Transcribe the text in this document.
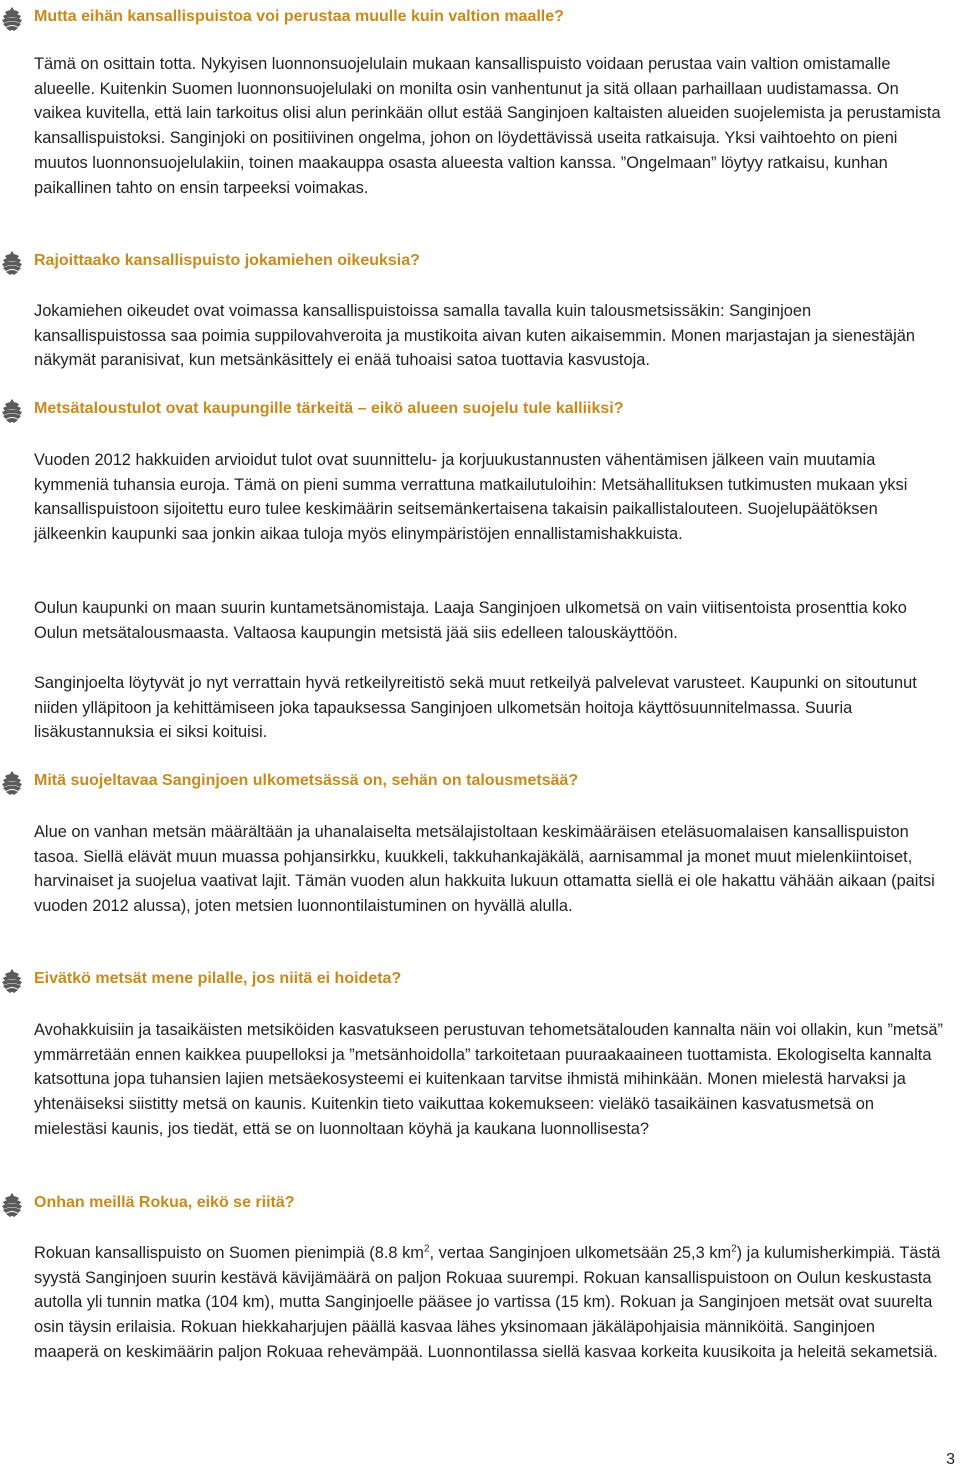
Mutta eihän kansallispuistoa voi perustaa muulle kuin valtion maalle?

Tämä on osittain totta. Nykyisen luonnonsuojelulain mukaan kansallispuisto voidaan perustaa vain valtion omistamalle alueelle. Kuitenkin Suomen luonnonsuojelulaki on monilta osin vanhentunut ja sitä ollaan parhaillaan uudistamassa. On vaikea kuvitella, että lain tarkoitus olisi alun perinkään ollut estää Sanginjoen kaltaisten alueiden suojelemista ja perustamista kansallispuistoksi. Sanginjoki on positiivinen ongelma, johon on löydettävissä useita ratkaisuja. Yksi vaihtoehto on pieni muutos luonnonsuojelulakiin, toinen maakauppa osasta alueesta valtion kanssa. ”Ongelmaan” löytyy ratkaisu, kunhan paikallinen tahto on ensin tarpeeksi voimakas.

Rajoittaako kansallispuisto jokamiehen oikeuksia?

Jokamiehen oikeudet ovat voimassa kansallispuistoissa samalla tavalla kuin talousmetsissäkin: Sanginjoen kansallispuistossa saa poimia suppilovahveroita ja mustikoita aivan kuten aikaisemmin. Monen marjastajan ja sienestäjän näkymät paranisivat, kun metsänkäsittely ei enää tuhoaisi satoa tuottavia kasvustoja.

Metsätaloustulot ovat kaupungille tärkeitä – eikö alueen suojelu tule kalliiksi?

Vuoden 2012 hakkuiden arvioidut tulot ovat suunnittelu- ja korjuukustannusten vähentämisen jälkeen vain muutamia kymmeniä tuhansia euroja. Tämä on pieni summa verrattuna matkailutuloihin: Metsähallituksen tutkimusten mukaan yksi kansallispuistoon sijoitettu euro tulee keskimäärin seitsemänkertaisena takaisin paikallistalouteen. Suojelupäätöksen jälkeenkin kaupunki saa jonkin aikaa tuloja myös elinympäristöjen ennallistamishakkuista.

Oulun kaupunki on maan suurin kuntametsänomistaja. Laaja Sanginjoen ulkometsä on vain viitisentoista prosenttia koko Oulun metsätalousmaasta. Valtaosa kaupungin metsistä jää siis edelleen talouskäyttöön.

Sanginjoelta löytyvät jo nyt verrattain hyvä retkeilyreitistö sekä muut retkeilyä palvelevat varusteet. Kaupunki on sitoutunut niiden ylläpitoon ja kehittämiseen joka tapauksessa Sanginjoen ulkometsän hoitoja käyttösuunnitelmassa. Suuria lisäkustannuksia ei siksi koituisi.

Mitä suojeltavaa Sanginjoen ulkometsässä on, sehän on talousmetsää?

Alue on vanhan metsän määrältään ja uhanalaiselta metsälajistoltaan keskimääräisen eteläsuomalaisen kansallispuiston tasoa. Siellä elävät muun muassa pohjansirkku, kuukkeli, takkuhankajäkälä, aarnisammal ja monet muut mielenkiintoiset, harvinaiset ja suojelua vaativat lajit. Tämän vuoden alun hakkuita lukuun ottamatta siellä ei ole hakattu vähään aikaan (paitsi vuoden 2012 alussa), joten metsien luonnontilaistuminen on hyvällä alulla.

Eivätkö metsät mene pilalle, jos niitä ei hoideta?

Avohakkuisiin ja tasaikäisten metsiköiden kasvatukseen perustuvan tehometsätalouden kannalta näin voi ollakin, kun ”metsä” ymmärretään ennen kaikkea puupelloksi ja ”metsänhoidolla” tarkoitetaan puuraakaaineen tuottamista. Ekologiselta kannalta katsottuna jopa tuhansien lajien metsäekosysteemi ei kuitenkaan tarvitse ihmistä mihinkään. Monen mielestä harvaksi ja yhtenäiseksi siistitty metsä on kaunis. Kuitenkin tieto vaikuttaa kokemukseen: vieläkö tasaikäinen kasvatusmetsä on mielestäsi kaunis, jos tiedät, että se on luonnoltaan köyhä ja kaukana luonnollisesta?

Onhan meillä Rokua, eikö se riitä?

Rokuan kansallispuisto on Suomen pienimpiä (8.8 $km^2$, vertaa Sanginjoen ulkometsään 25,3 $km^2$) ja kulumisherkimpiä. Tästä syystä Sanginjoen suurin kestävä kävijämäärä on paljon Rokuaa suurempi. Rokuan kansallispuistoon on Oulun keskustasta autolla yli tunnin matka (104 km), mutta Sanginjoelle pääsee jo vartissa (15 km). Rokuan ja Sanginjoen metsät ovat suurelta osin täysin erilaisia. Rokuan hiekkaharjujen päällä kasvaa lähes yksinomaan jäkäläpohjaisia männiköitä. Sanginjoen maaperä on keskimäärin paljon Rokuaa rehevämpää. Luonnontilassa siellä kasvaa korkeita kuusikoita ja heleitä sekametsiä.

3
